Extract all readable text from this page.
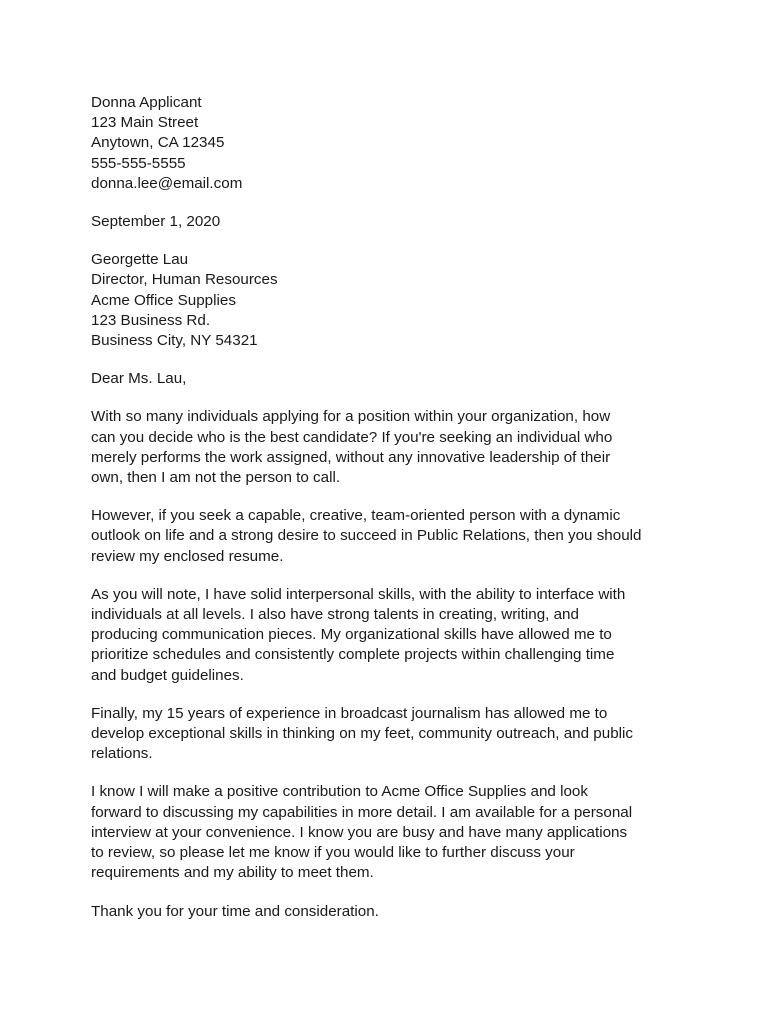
Donna Applicant
123 Main Street
Anytown, CA 12345
555-555-5555
donna.lee@email.com
September 1, 2020
Georgette Lau
Director, Human Resources
Acme Office Supplies
123 Business Rd.
Business City, NY 54321
Dear Ms. Lau,
With so many individuals applying for a position within your organization, how
can you decide who is the best candidate? If you're seeking an individual who
merely performs the work assigned, without any innovative leadership of their
own, then I am not the person to call.
However, if you seek a capable, creative, team-oriented person with a dynamic
outlook on life and a strong desire to succeed in Public Relations, then you should
review my enclosed resume.
As you will note, I have solid interpersonal skills, with the ability to interface with
individuals at all levels. I also have strong talents in creating, writing, and
producing communication pieces. My organizational skills have allowed me to
prioritize schedules and consistently complete projects within challenging time
and budget guidelines.
Finally, my 15 years of experience in broadcast journalism has allowed me to
develop exceptional skills in thinking on my feet, community outreach, and public
relations.
I know I will make a positive contribution to Acme Office Supplies and look
forward to discussing my capabilities in more detail. I am available for a personal
interview at your convenience. I know you are busy and have many applications
to review, so please let me know if you would like to further discuss your
requirements and my ability to meet them.
Thank you for your time and consideration.
